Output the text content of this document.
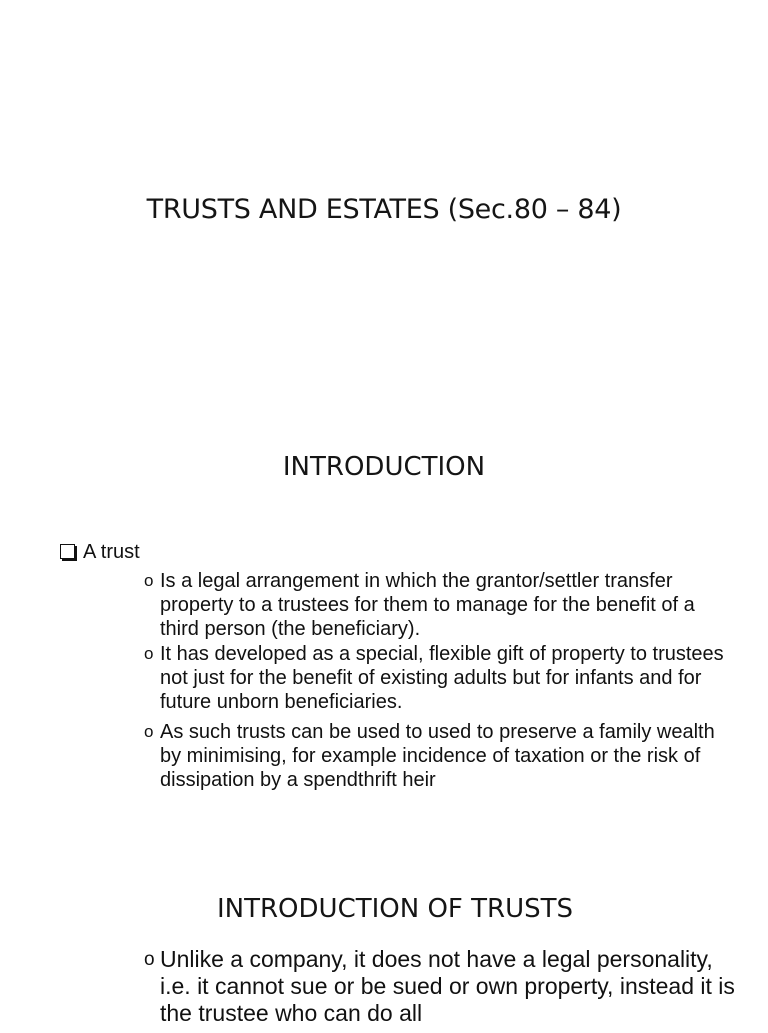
TRUSTS AND ESTATES (Sec.80 – 84)
INTRODUCTION
A trust
o Is a legal arrangement in which the grantor/settler transfer property to a trustees for them to manage for the benefit of a third person (the beneficiary).
o It has developed as a special, flexible gift of property to trustees not just for the benefit of existing adults but for infants and for future unborn beneficiaries.
o As such trusts can be used to used to preserve a family wealth by minimising, for example incidence of taxation or the risk of dissipation by a spendthrift heir
INTRODUCTION OF TRUSTS
o Unlike a company, it does not have a legal personality, i.e. it cannot sue or be sued or own property, instead it is the trustee who can do all
